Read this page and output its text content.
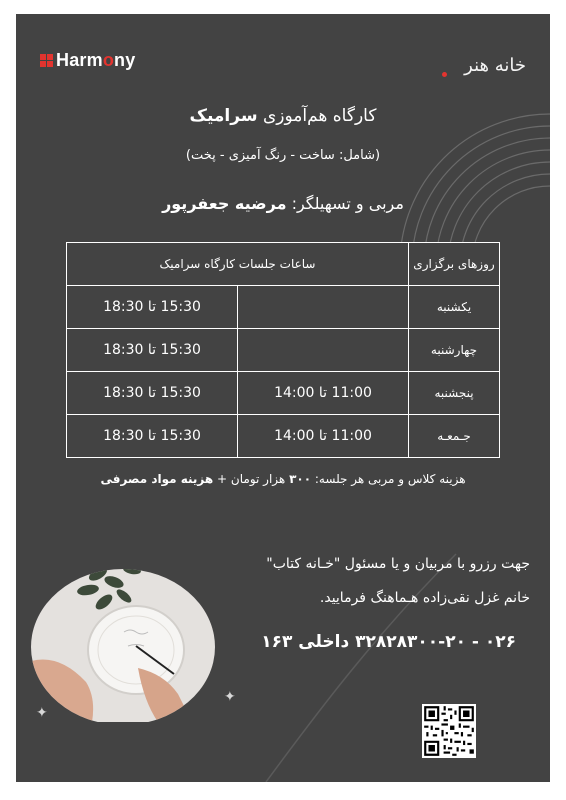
Harmony	خانه هنر
کارگاه هم‌آموزی سرامیک
(شامل: ساخت - رنگ آمیزی - پخت)
مربی و تسهیلگر: مرضیه جعفرپور
روزهای برگزاری	ساعات جلسات کارگاه سرامیک	
یکشنبه		15:30 تا 18:30
چهارشنبه		15:30 تا 18:30
پنجشنبه	11:00 تا 14:00	15:30 تا 18:30
جـمعـه	11:00 تا 14:00	15:30 تا 18:30
هزینه کلاس و مربی هر جلسه: ۳۰۰ هزار تومان + هزینه مواد مصرفی
✦
✦
جهت رزرو با مربیان و یا مسئول "خـانه کتاب"
خانم غزل نقی‌زاده هـماهنگ فرمایید.
۰۲۶ - ۳۲۸۲۸۳۰۰-۲۰ داخلی ۱۶۳
